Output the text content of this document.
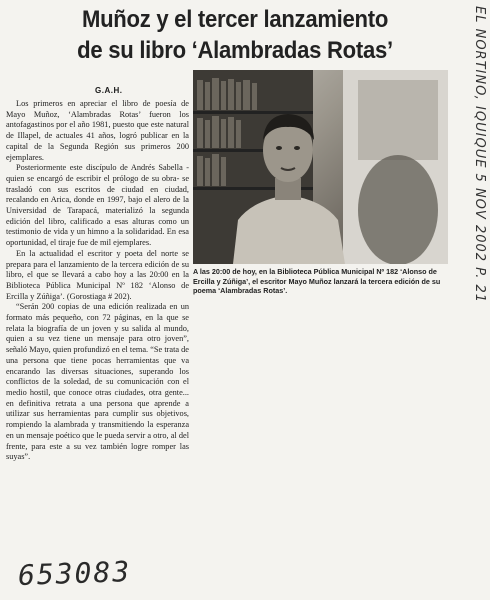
Muñoz y el tercer lanzamiento
de su libro ‘Alambradas Rotas’
G.A.H.

Los primeros en apreciar el libro de poesía de Mayo Muñoz, ‘Alambradas Rotas’ fueron los antofagastinos por el año 1981, puesto que este natural de Illapel, de actuales 41 años, logró publicar en la capital de la Segunda Región sus primeros 200 ejemplares.

Posteriormente este discípulo de Andrés Sabella -quien se encargó de escribir el prólogo de su obra- se trasladó con sus escritos de ciudad en ciudad, recalando en Arica, donde en 1997, bajo el alero de la Universidad de Tarapacá, materializó la segunda edición del libro, calificado a esas alturas como un testimonio de vida y un himno a la solidaridad. En esa oportunidad, el tiraje fue de mil ejemplares.

En la actualidad el escritor y poeta del norte se prepara para el lanzamiento de la tercera edición de su libro, el que se llevará a cabo hoy a las 20:00 en la Biblioteca Pública Municipal Nº 182 ‘Alonso de Ercilla y Zúñiga’. (Gorostiaga # 202).

“Serán 200 copias de una edición realizada en un formato más pequeño, con 72 páginas, en la que se relata la biografía de un joven y su salida al mundo, quien a su vez tiene un mensaje para otro joven”, señaló Mayo, quien profundizó en el tema. “Se trata de una persona que tiene pocas herramientas que va encarando las diversas situaciones, superando los conflictos de la soledad, de su comunicación con el medio hostil, que conoce otras ciudades, otra gente... en definitiva retrata a una persona que aprende a utilizar sus herramientas para cumplir sus objetivos, rompiendo la alambrada y transmitiendo la esperanza en un mensaje poético que le pueda servir a otro, al del frente, para este a su vez también logre romper las suyas”.

A las 20:00 de hoy, en la Biblioteca Pública Municipal Nº 182 ‘Alonso de Ercilla y Zúñiga’, el escritor Mayo Muñoz lanzará la tercera edición de su poema ‘Alambradas Rotas’.	EL NORTINO, IQUIQUE 5 NOV 2002 P. 21
653083
